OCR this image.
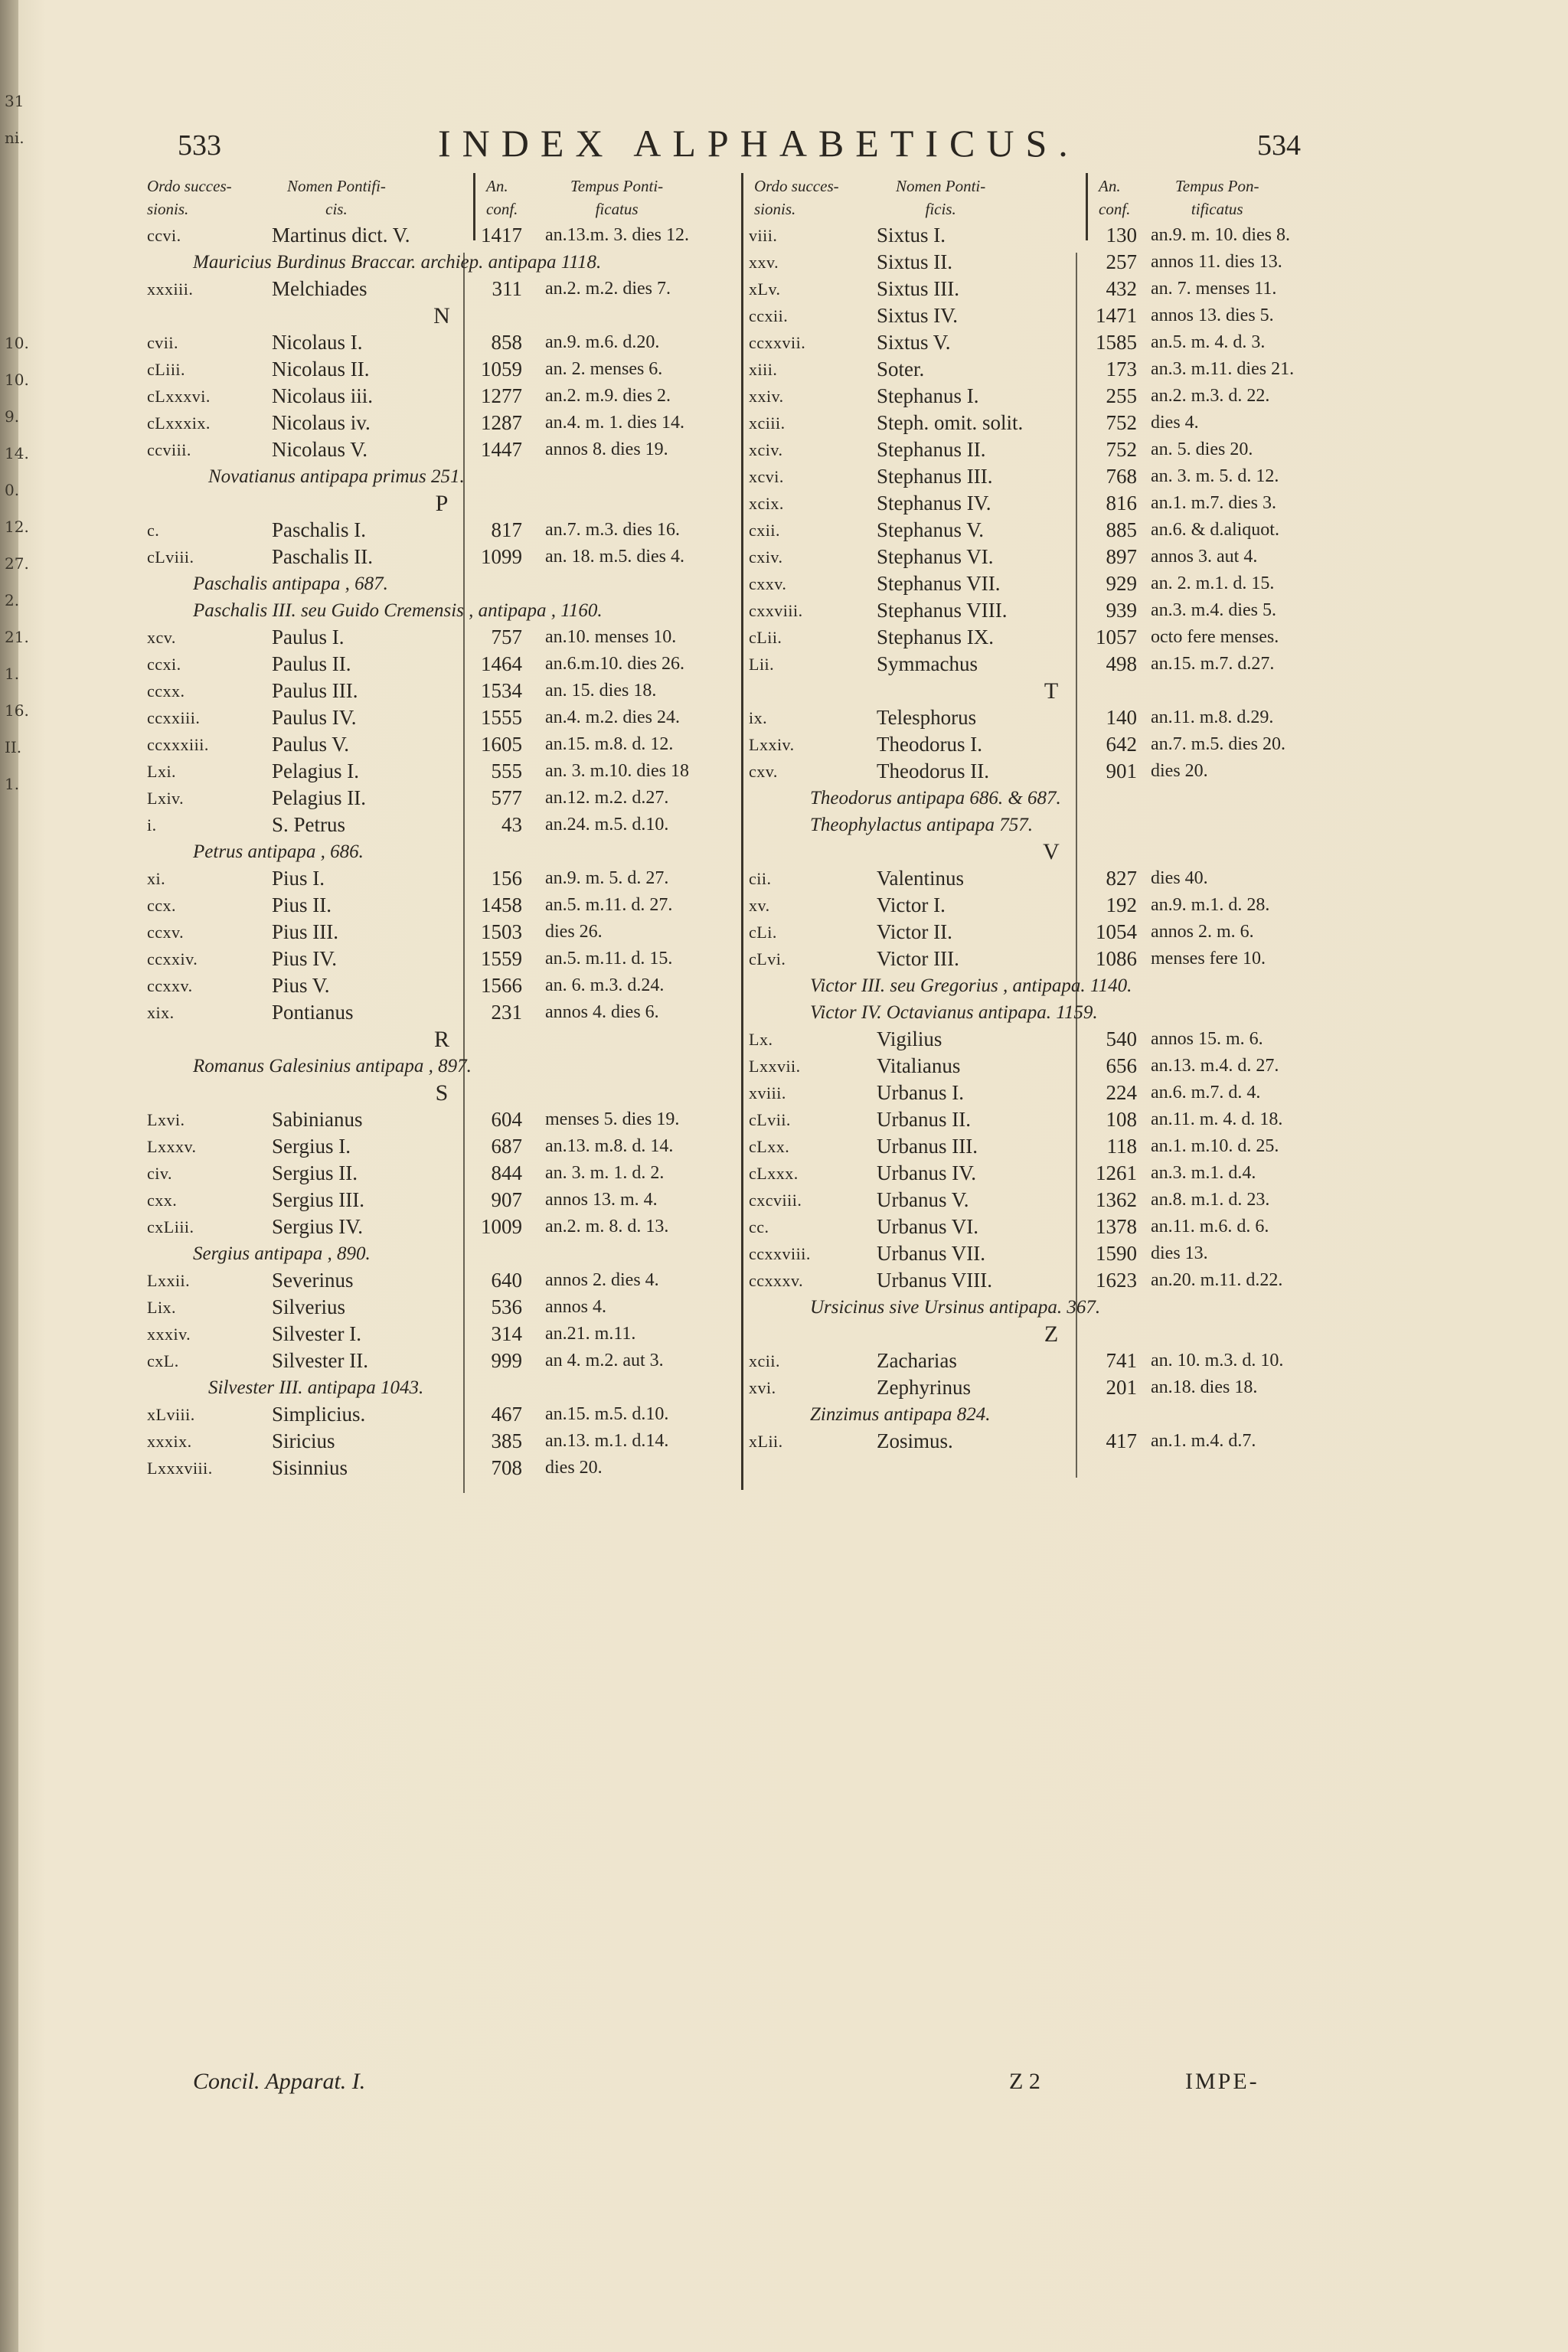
31
ni.
10.
10.
9.
14.
0.
12.
27.
2.
21.
1.
16.
II.
1.
533	534
INDEX ALPHABETICUS.
Ordo succes-
sionis.
Nomen Pontifi-
cis.
An.
conf.
Tempus Ponti-
ficatus
Ordo succes-
sionis.
Nomen Ponti-
ficis.
An.
conf.
Tempus Pon-
tificatus
ccvi.	Martinus dict. V.	1417 an.13.m. 3. dies 12.
Mauricius Burdinus Braccar. archiep. antipapa 1118.
xxxiii.	Melchiades	311 an.2. m.2. dies 7.
N
cvii.	Nicolaus I.	858 an.9. m.6. d.20.
cLiii.	Nicolaus II.	1059 an. 2. menses 6.
cLxxxvi.	Nicolaus iii.	1277 an.2. m.9. dies 2.
cLxxxix.	Nicolaus iv.	1287 an.4. m. 1. dies 14.
ccviii.	Nicolaus V.	1447 annos 8. dies 19.
Novatianus antipapa primus 251.
P
c.	Paschalis I.	817 an.7. m.3. dies 16.
cLviii.	Paschalis II.	1099 an. 18. m.5. dies 4.
Paschalis antipapa , 687.
Paschalis III. seu Guido Cremensis , antipapa , 1160.
xcv.	Paulus I.	757 an.10. menses 10.
ccxi.	Paulus II.	1464 an.6.m.10. dies 26.
ccxx.	Paulus III.	1534 an. 15. dies 18.
ccxxiii.	Paulus IV.	1555 an.4. m.2. dies 24.
ccxxxiii.	Paulus V.	1605 an.15. m.8. d. 12.
Lxi.	Pelagius I.	555 an. 3. m.10. dies 18
Lxiv.	Pelagius II.	577 an.12. m.2. d.27.
i.	S. Petrus	43 an.24. m.5. d.10.
Petrus antipapa , 686.
xi.	Pius I.	156 an.9. m. 5. d. 27.
ccx.	Pius II.	1458 an.5. m.11. d. 27.
ccxv.	Pius III.	1503 dies 26.
ccxxiv.	Pius IV.	1559 an.5. m.11. d. 15.
ccxxv.	Pius V.	1566 an. 6. m.3. d.24.
xix.	Pontianus	231 annos 4. dies 6.
R
Romanus Galesinius antipapa , 897.
S
Lxvi.	Sabinianus	604 menses 5. dies 19.
Lxxxv.	Sergius I.	687 an.13. m.8. d. 14.
civ.	Sergius II.	844 an. 3. m. 1. d. 2.
cxx.	Sergius III.	907 annos 13. m. 4.
cxLiii.	Sergius IV.	1009 an.2. m. 8. d. 13.
Sergius antipapa , 890.
Lxxii.	Severinus	640 annos 2. dies 4.
Lix.	Silverius	536 annos 4.
xxxiv.	Silvester I.	314 an.21. m.11.
cxL.	Silvester II.	999 an 4. m.2. aut 3.
Silvester III. antipapa 1043.
xLviii.	Simplicius.	467 an.15. m.5. d.10.
xxxix.	Siricius	385 an.13. m.1. d.14.
Lxxxviii.	Sisinnius	708 dies 20.
viii.	Sixtus I.	130 an.9. m. 10. dies 8.
xxv.	Sixtus II.	257 annos 11. dies 13.
xLv.	Sixtus III.	432 an. 7. menses 11.
ccxii.	Sixtus IV.	1471 annos 13. dies 5.
ccxxvii.	Sixtus V.	1585 an.5. m. 4. d. 3.
xiii.	Soter.	173 an.3. m.11. dies 21.
xxiv.	Stephanus I.	255 an.2. m.3. d. 22.
xciii.	Steph. omit. solit.	752 dies 4.
xciv.	Stephanus II.	752 an. 5. dies 20.
xcvi.	Stephanus III.	768 an. 3. m. 5. d. 12.
xcix.	Stephanus IV.	816 an.1. m.7. dies 3.
cxii.	Stephanus V.	885 an.6. & d.aliquot.
cxiv.	Stephanus VI.	897 annos 3. aut 4.
cxxv.	Stephanus VII.	929 an. 2. m.1. d. 15.
cxxviii.	Stephanus VIII.	939 an.3. m.4. dies 5.
cLii.	Stephanus IX.	1057 octo fere menses.
Lii.	Symmachus	498 an.15. m.7. d.27.
T
ix.	Telesphorus	140 an.11. m.8. d.29.
Lxxiv.	Theodorus I.	642 an.7. m.5. dies 20.
cxv.	Theodorus II.	901 dies 20.
Theodorus antipapa 686. & 687.
Theophylactus antipapa 757.
V
cii.	Valentinus	827 dies 40.
xv.	Victor I.	192 an.9. m.1. d. 28.
cLi.	Victor II.	1054 annos 2. m. 6.
cLvi.	Victor III.	1086 menses fere 10.
Victor III. seu Gregorius , antipapa. 1140.
Victor IV. Octavianus antipapa. 1159.
Lx.	Vigilius	540 annos 15. m. 6.
Lxxvii.	Vitalianus	656 an.13. m.4. d. 27.
xviii.	Urbanus I.	224 an.6. m.7. d. 4.
cLvii.	Urbanus II.	108 an.11. m. 4. d. 18.
cLxx.	Urbanus III.	118 an.1. m.10. d. 25.
cLxxx.	Urbanus IV.	1261 an.3. m.1. d.4.
cxcviii.	Urbanus V.	1362 an.8. m.1. d. 23.
cc.	Urbanus VI.	1378 an.11. m.6. d. 6.
ccxxviii.	Urbanus VII.	1590 dies 13.
ccxxxv.	Urbanus VIII.	1623 an.20. m.11. d.22.
Ursicinus sive Ursinus antipapa. 367.
Z
xcii.	Zacharias	741 an. 10. m.3. d. 10.
xvi.	Zephyrinus	201 an.18. dies 18.
Zinzimus antipapa 824.
xLii.	Zosimus.	417 an.1. m.4. d.7.
Concil. Apparat. I.	Z 2	IMPE-
